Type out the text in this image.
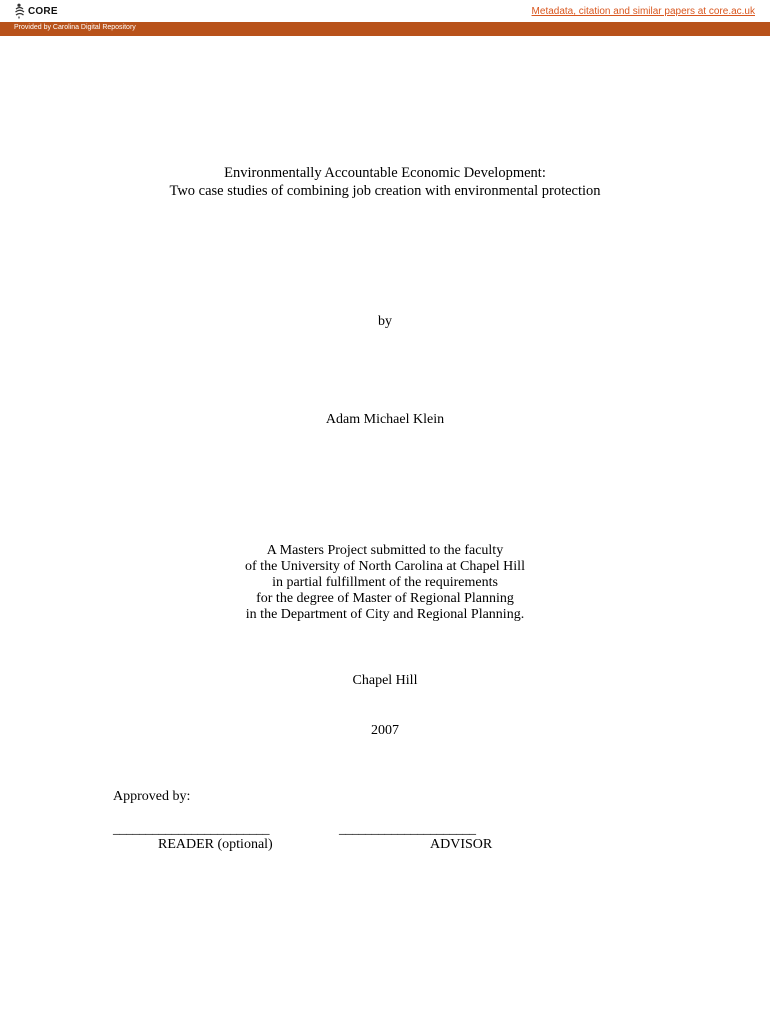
CORE	Metadata, citation and similar papers at core.ac.uk
Provided by Carolina Digital Repository
Environmentally Accountable Economic Development:
Two case studies of combining job creation with environmental protection
by
Adam Michael Klein
A Masters Project submitted to the faculty
of the University of North Carolina at Chapel Hill
in partial fulfillment of the requirements
for the degree of Master of Regional Planning
in the Department of City and Regional Planning.
Chapel Hill
2007
Approved by:
________________________	_____________________
READER (optional)	ADVISOR
